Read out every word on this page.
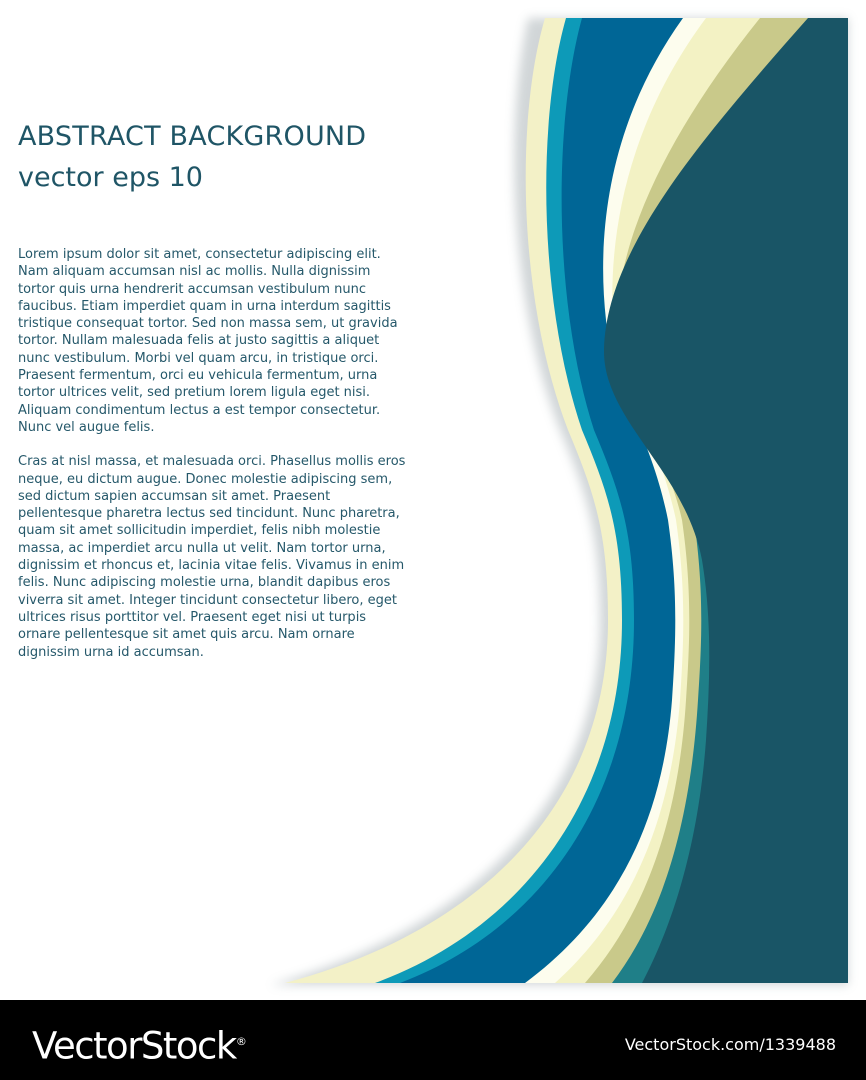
ABSTRACT BACKGROUND
vector eps 10

Lorem ipsum dolor sit amet, consectetur adipiscing elit. Nam aliquam accumsan nisl ac mollis. Nulla dignissim tortor quis urna hendrerit accumsan vestibulum nunc faucibus. Etiam imperdiet quam in urna interdum sagittis tristique consequat tortor. Sed non massa sem, ut gravida tortor. Nullam malesuada felis at justo sagittis a aliquet nunc vestibulum. Morbi vel quam arcu, in tristique orci. Praesent fermentum, orci eu vehicula fermentum, urna tortor ultrices velit, sed pretium lorem ligula eget nisi. Aliquam condimentum lectus a est tempor consectetur. Nunc vel augue felis.

Cras at nisl massa, et malesuada orci. Phasellus mollis eros neque, eu dictum augue. Donec molestie adipiscing sem, sed dictum sapien accumsan sit amet. Praesent pellentesque pharetra lectus sed tincidunt. Nunc pharetra, quam sit amet sollicitudin imperdiet, felis nibh molestie massa, ac imperdiet arcu nulla ut velit. Nam tortor urna, dignissim et rhoncus et, lacinia vitae felis. Vivamus in enim felis. Nunc adipiscing molestie urna, blandit dapibus eros viverra sit amet. Integer tincidunt consectetur libero, eget ultrices risus porttitor vel. Praesent eget nisi ut turpis ornare pellentesque sit amet quis arcu. Nam ornare dignissim urna id accumsan.

VectorStock®	VectorStock.com/1339488
